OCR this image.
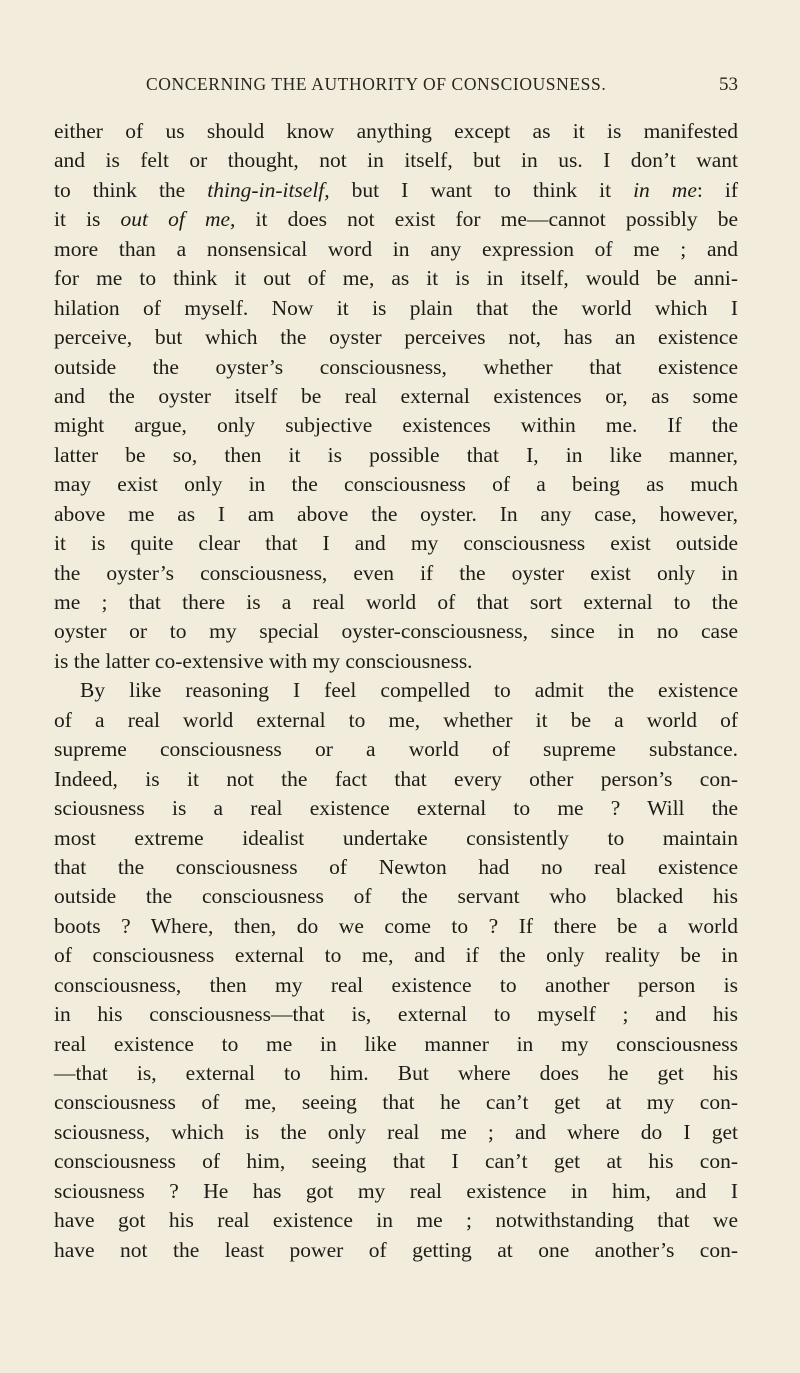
CONCERNING THE AUTHORITY OF CONSCIOUSNESS.	53
either of us should know anything except as it is manifested
and is felt or thought, not in itself, but in us. I don’t want
to think the thing-in-itself, but I want to think it in me: if
it is out of me, it does not exist for me—cannot possibly be
more than a nonsensical word in any expression of me ; and
for me to think it out of me, as it is in itself, would be anni-
hilation of myself. Now it is plain that the world which I
perceive, but which the oyster perceives not, has an existence
outside the oyster’s consciousness, whether that existence
and the oyster itself be real external existences or, as some
might argue, only subjective existences within me. If the
latter be so, then it is possible that I, in like manner,
may exist only in the consciousness of a being as much
above me as I am above the oyster. In any case, however,
it is quite clear that I and my consciousness exist outside
the oyster’s consciousness, even if the oyster exist only in
me ; that there is a real world of that sort external to the
oyster or to my special oyster-consciousness, since in no case
is the latter co-extensive with my consciousness.
By like reasoning I feel compelled to admit the existence
of a real world external to me, whether it be a world of
supreme consciousness or a world of supreme substance.
Indeed, is it not the fact that every other person’s con-
sciousness is a real existence external to me ? Will the
most extreme idealist undertake consistently to maintain
that the consciousness of Newton had no real existence
outside the consciousness of the servant who blacked his
boots ? Where, then, do we come to ? If there be a world
of consciousness external to me, and if the only reality be in
consciousness, then my real existence to another person is
in his consciousness—that is, external to myself ; and his
real existence to me in like manner in my consciousness
—that is, external to him. But where does he get his
consciousness of me, seeing that he can’t get at my con-
sciousness, which is the only real me ; and where do I get
consciousness of him, seeing that I can’t get at his con-
sciousness ? He has got my real existence in him, and I
have got his real existence in me ; notwithstanding that we
have not the least power of getting at one another’s con-
